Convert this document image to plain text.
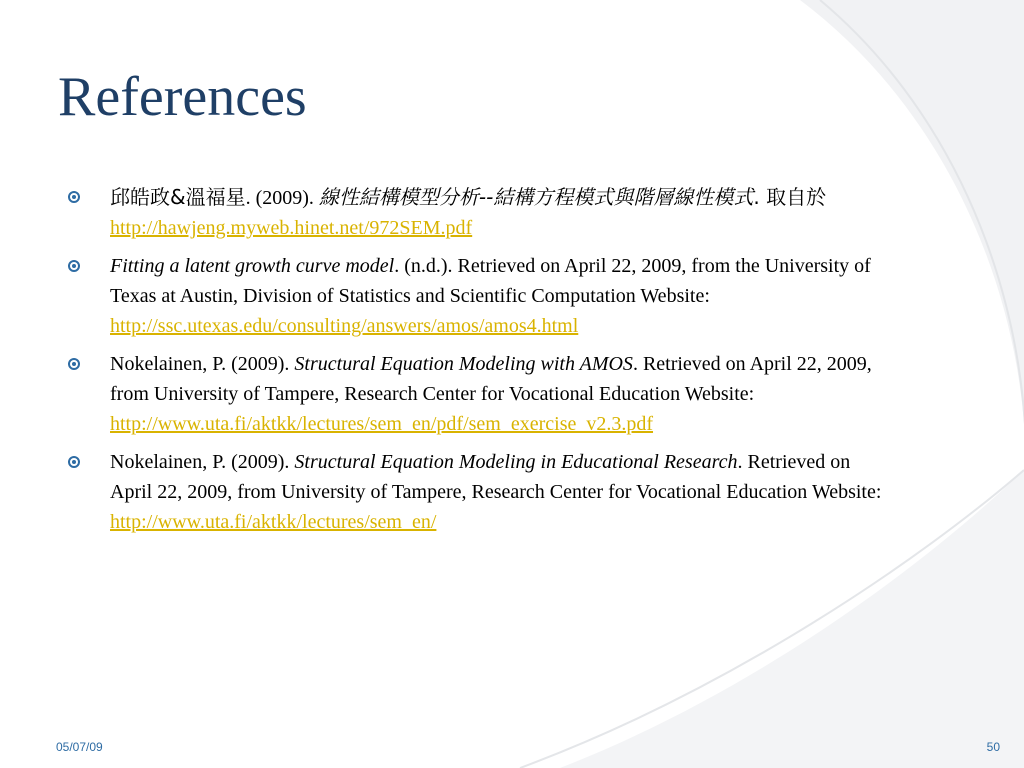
References
邱皓政&溫福星. (2009). 線性結構模型分析--結構方程模式與階層線性模式. 取自於 http://hawjeng.myweb.hinet.net/972SEM.pdf
Fitting a latent growth curve model. (n.d.). Retrieved on April 22, 2009, from the University of Texas at Austin, Division of Statistics and Scientific Computation Website: http://ssc.utexas.edu/consulting/answers/amos/amos4.html
Nokelainen, P. (2009). Structural Equation Modeling with AMOS. Retrieved on April 22, 2009, from University of Tampere, Research Center for Vocational Education Website: http://www.uta.fi/aktkk/lectures/sem_en/pdf/sem_exercise_v2.3.pdf
Nokelainen, P. (2009). Structural Equation Modeling in Educational Research. Retrieved on April 22, 2009, from University of Tampere, Research Center for Vocational Education Website: http://www.uta.fi/aktkk/lectures/sem_en/
05/07/09	50
